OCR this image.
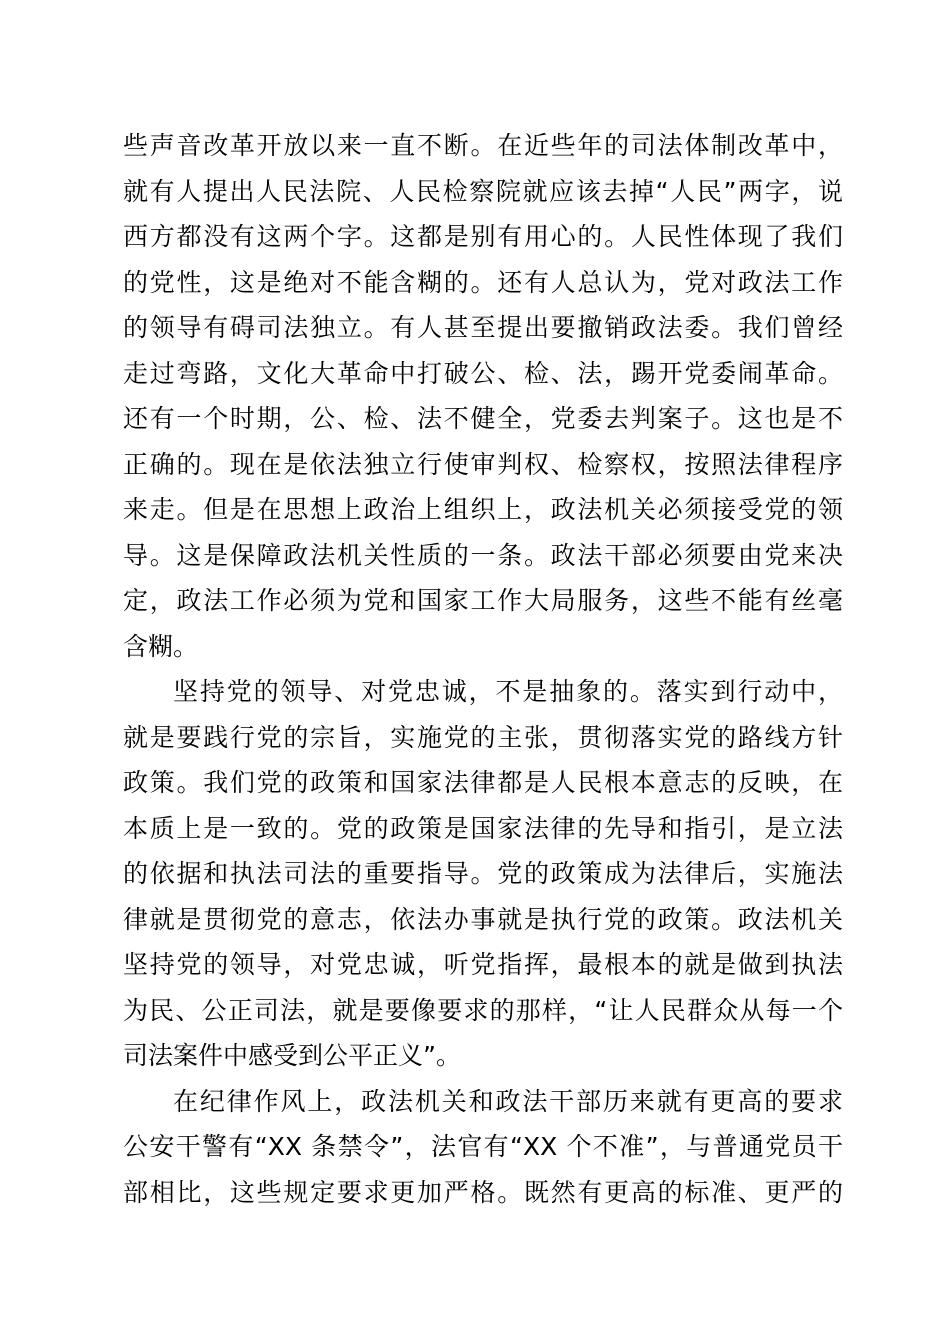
些声音改革开放以来一直不断。在近些年的司法体制改革中，
就有人提出人民法院、人民检察院就应该去掉“人民”两字，说
西方都没有这两个字。这都是别有用心的。人民性体现了我们
的党性，这是绝对不能含糊的。还有人总认为，党对政法工作
的领导有碍司法独立。有人甚至提出要撤销政法委。我们曾经
走过弯路，文化大革命中打破公、检、法，踢开党委闹革命。
还有一个时期，公、检、法不健全，党委去判案子。这也是不
正确的。现在是依法独立行使审判权、检察权，按照法律程序
来走。但是在思想上政治上组织上，政法机关必须接受党的领
导。这是保障政法机关性质的一条。政法干部必须要由党来决
定，政法工作必须为党和国家工作大局服务，这些不能有丝毫
含糊。
坚持党的领导、对党忠诚，不是抽象的。落实到行动中，
就是要践行党的宗旨，实施党的主张，贯彻落实党的路线方针
政策。我们党的政策和国家法律都是人民根本意志的反映，在
本质上是一致的。党的政策是国家法律的先导和指引，是立法
的依据和执法司法的重要指导。党的政策成为法律后，实施法
律就是贯彻党的意志，依法办事就是执行党的政策。政法机关
坚持党的领导，对党忠诚，听党指挥，最根本的就是做到执法
为民、公正司法，就是要像要求的那样，“让人民群众从每一个
司法案件中感受到公平正义”。
在纪律作风上，政法机关和政法干部历来就有更高的要求
公安干警有“XX 条禁令”，法官有“XX 个不准”，与普通党员干
部相比，这些规定要求更加严格。既然有更高的标准、更严的
